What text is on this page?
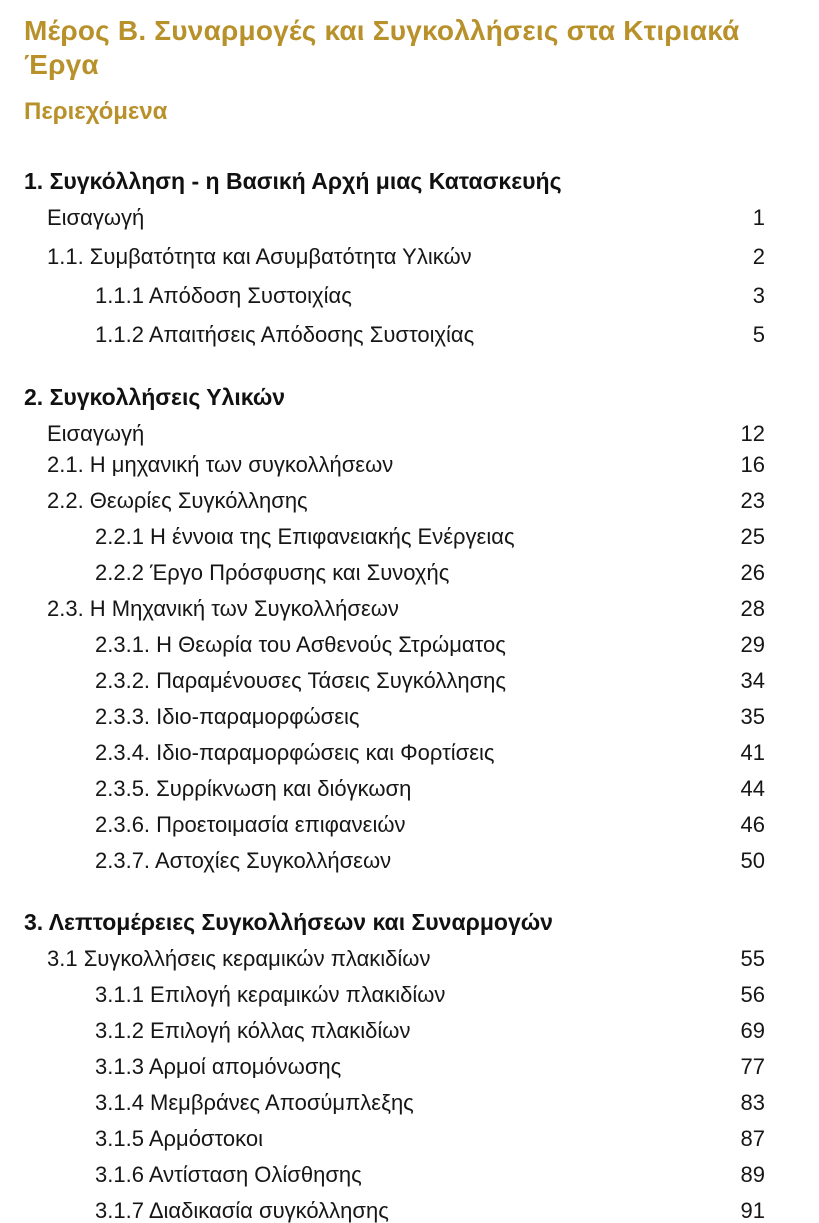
Μέρος Β. Συναρμογές και Συγκολλήσεις στα Κτιριακά Έργα
Περιεχόμενα
1. Συγκόλληση - η Βασική Αρχή μιας Κατασκευής
Εισαγωγή	1
1.1. Συμβατότητα και Ασυμβατότητα Υλικών	2
1.1.1 Απόδοση Συστοιχίας	3
1.1.2 Απαιτήσεις Απόδοσης Συστοιχίας	5
2. Συγκολλήσεις Υλικών
Εισαγωγή	12
2.1. Η μηχανική των συγκολλήσεων	16
2.2. Θεωρίες Συγκόλλησης	23
2.2.1 Η έννοια της Επιφανειακής Ενέργειας	25
2.2.2 Έργο Πρόσφυσης και Συνοχής	26
2.3. Η Μηχανική των Συγκολλήσεων	28
2.3.1. Η Θεωρία του Ασθενούς Στρώματος	29
2.3.2. Παραμένουσες Τάσεις Συγκόλλησης	34
2.3.3. Ιδιο-παραμορφώσεις	35
2.3.4. Ιδιο-παραμορφώσεις και Φορτίσεις	41
2.3.5. Συρρίκνωση και διόγκωση	44
2.3.6. Προετοιμασία επιφανειών	46
2.3.7. Αστοχίες Συγκολλήσεων	50
3. Λεπτομέρειες Συγκολλήσεων και Συναρμογών
3.1 Συγκολλήσεις κεραμικών πλακιδίων	55
3.1.1 Επιλογή κεραμικών πλακιδίων	56
3.1.2 Επιλογή κόλλας πλακιδίων	69
3.1.3 Αρμοί απομόνωσης	77
3.1.4 Μεμβράνες Αποσύμπλεξης	83
3.1.5 Αρμόστοκοι	87
3.1.6 Αντίσταση Ολίσθησης	89
3.1.7 Διαδικασία συγκόλλησης	91
